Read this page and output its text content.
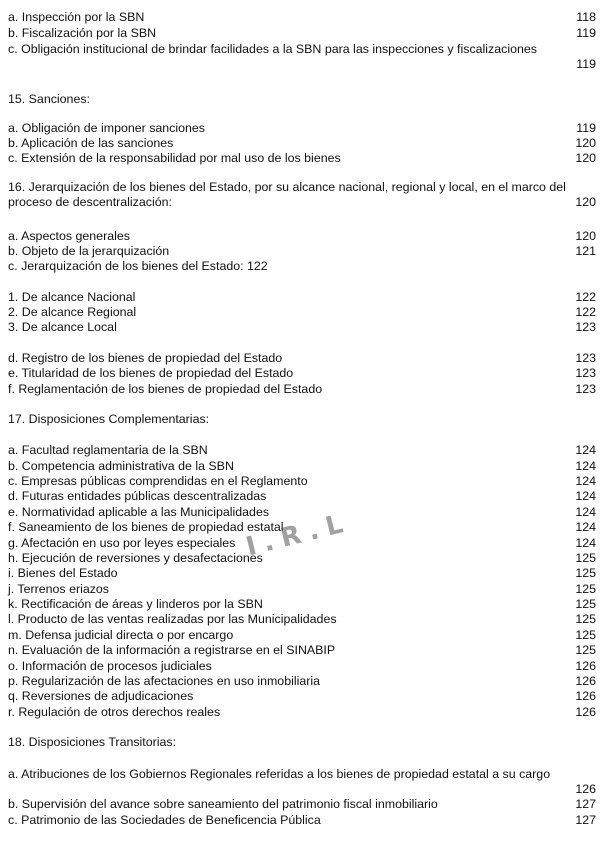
a. Inspección por la SBN	118
b. Fiscalización por la SBN	119
c. Obligación institucional de brindar facilidades a la SBN para las inspecciones y fiscalizaciones
119
15. Sanciones:
a. Obligación de imponer sanciones	119
b. Aplicación de las sanciones	120
c. Extensión de la responsabilidad por mal uso de los bienes	120
16. Jerarquización de los bienes del Estado, por su alcance nacional, regional y local, en el marco del proceso de descentralización:	120
a. Aspectos generales	120
b. Objeto de la jerarquización	121
c. Jerarquización de los bienes del Estado: 122
1. De alcance Nacional	122
2. De alcance Regional	122
3. De alcance Local	123
d. Registro de los bienes de propiedad del Estado	123
e. Titularidad de los bienes de propiedad del Estado	123
f. Reglamentación de los bienes de propiedad del Estado	123
17. Disposiciones Complementarias:
a. Facultad reglamentaria de la SBN	124
b. Competencia administrativa de la SBN	124
c. Empresas públicas comprendidas en el Reglamento	124
d. Futuras entidades públicas descentralizadas	124
e. Normatividad aplicable a las Municipalidades	124
f. Saneamiento de los bienes de propiedad estatal	124
g. Afectación en uso por leyes especiales	124
h. Ejecución de reversiones y desafectaciones	125
i. Bienes del Estado	125
j. Terrenos eriazos	125
k. Rectificación de áreas y linderos por la SBN	125
l. Producto de las ventas realizadas por las Municipalidades	125
m. Defensa judicial directa o por encargo	125
n. Evaluación de la información a registrarse en el SINABIP	125
o. Información de procesos judiciales	126
p. Regularización de las afectaciones en uso inmobiliaria	126
q. Reversiones de adjudicaciones	126
r. Regulación de otros derechos reales	126
18. Disposiciones Transitorias:
a. Atribuciones de los Gobiernos Regionales referidas a los bienes de propiedad estatal a su cargo
126
b. Supervisión del avance sobre saneamiento del patrimonio fiscal inmobiliario	127
c. Patrimonio de las Sociedades de Beneficencia Pública	127
I.R.L
